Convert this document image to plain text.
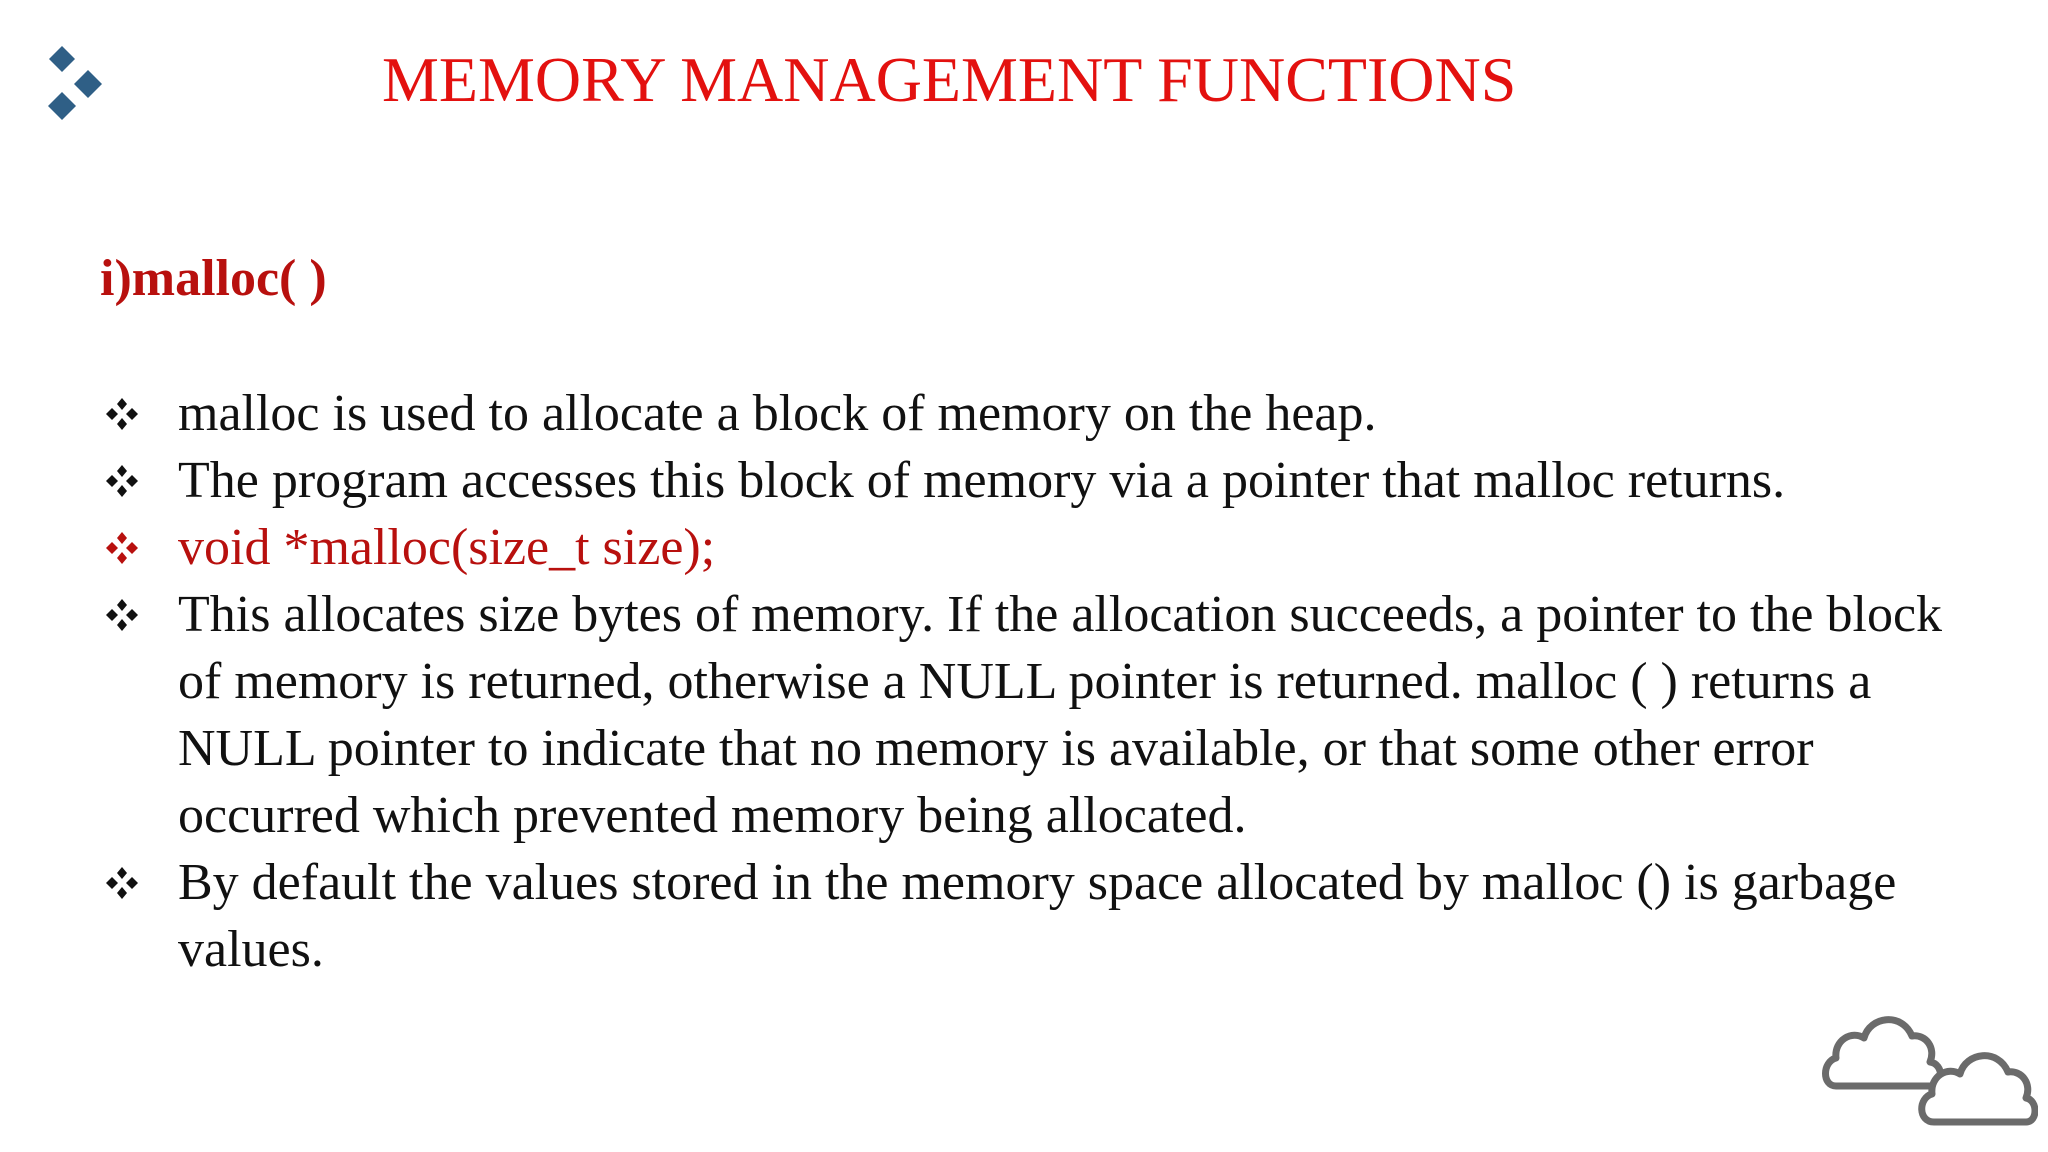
MEMORY MANAGEMENT FUNCTIONS
i)malloc( )
malloc is used to allocate a block of memory on the heap.
The program accesses this block of memory via a pointer that malloc returns.
void *malloc(size_t size);
This allocates size bytes of memory. If the allocation succeeds, a pointer to the block of memory is returned, otherwise a NULL pointer is returned. malloc ( ) returns a NULL pointer to indicate that no memory is available, or that some other error occurred which prevented memory being allocated.
By default the values stored in the memory space allocated by malloc () is garbage values.
